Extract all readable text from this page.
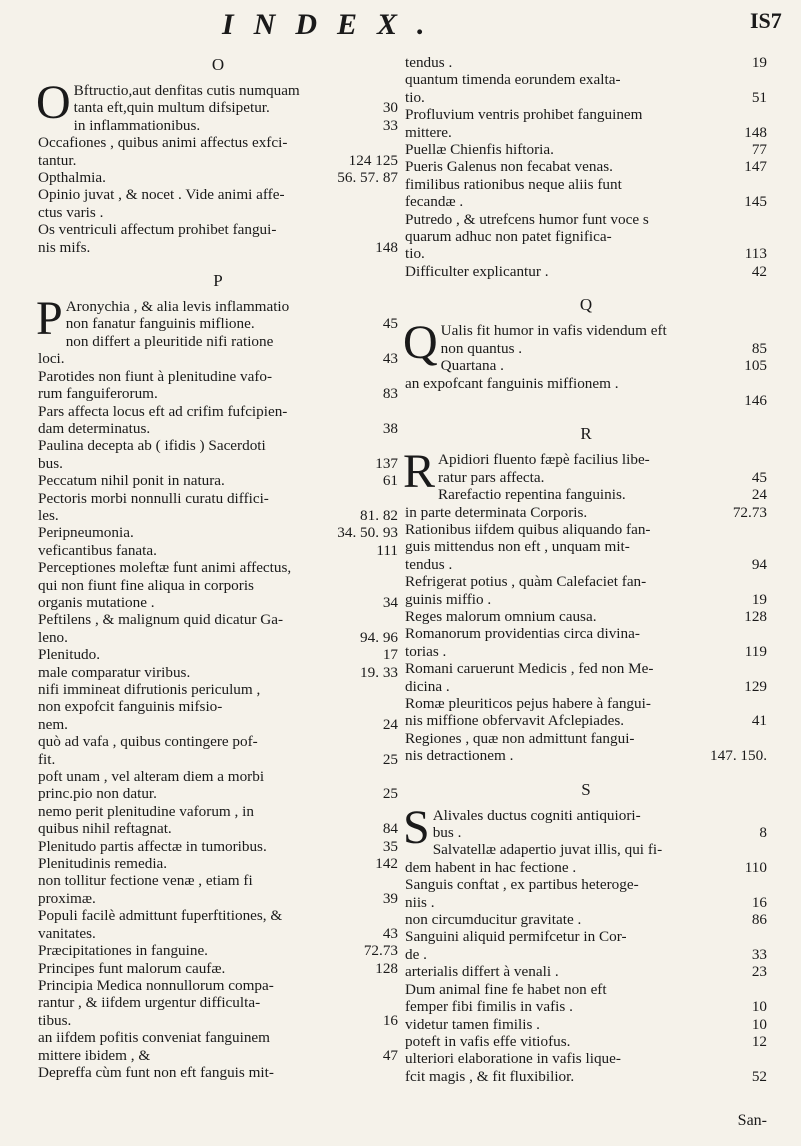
INDEX.	IS7
O
O Bftructio,aut denfitas cutis numquam
tanta eft,quin multum difsipetur.	30
in inflammationibus.	33
Occafiones , quibus animi affectus exfci-
tantur.	124 125
Opthalmia.	56. 57. 87
Opinio juvat , & nocet . Vide animi affe-
ctus varis .
Os ventriculi affectum prohibet fangui-
nis mifs.	148
P
P Aronychia , & alia levis inflammatio
non fanatur fanguinis miflione.	45
non differt a pleuritide nifi ratione
loci.	43
Parotides non fiunt à plenitudine vafo-
rum fanguiferorum.	83
Pars affecta locus eft ad crifim fufcipien-
dam determinatus.	38
Paulina decepta ab ( ifidis ) Sacerdoti
bus.	137
Peccatum nihil ponit in natura.	61
Pectoris morbi nonnulli curatu diffici-
les.	81. 82
Peripneumonia.	34. 50. 93
veficantibus fanata.	111
Perceptiones moleftæ funt animi affectus,
qui non fiunt fine aliqua in corporis
organis mutatione .	34
Peftilens , & malignum quid dicatur Ga-
leno.	94. 96
Plenitudo.	17
male comparatur viribus.	19. 33
nifi immineat difrutionis periculum ,
non expofcit fanguinis mifsio-
nem.	24
quò ad vafa , quibus contingere pof-
fit.	25
poft unam , vel alteram diem a morbi
princ.pio non datur.	25
nemo perit plenitudine vaforum , in
quibus nihil reftagnat.	84
Plenitudo partis affectæ in tumoribus.	35
Plenitudinis remedia.	142
non tollitur fectione venæ , etiam fi
proximæ.	39
Populi facilè admittunt fuperftitiones, &
vanitates.	43
Præcipitationes in fanguine.	72.73
Principes funt malorum caufæ.	128
Principia Medica nonnullorum compa-
rantur , & iifdem urgentur difficulta-
tibus.	16
an iifdem pofitis conveniat fanguinem
mittere ibidem , &	47
Depreffa cùm funt non eft fanguis mit-
tendus .	19
quantum timenda eorundem exalta-
tio.	51
Profluvium ventris prohibet fanguinem
mittere.	148
Puellæ Chienfis hiftoria.	77
Pueris Galenus non fecabat venas.	147
fimilibus rationibus neque aliis funt
fecandæ .	145
Putredo , & utrefcens humor funt voce s
quarum adhuc non patet fignifica-
tio.	113
Difficulter explicantur .	42
Q
Q Ualis fit humor in vafis videndum eft
non quantus .	85
Quartana .	105
an expofcant fanguinis miffionem .
146
R
R Apidiori fluento fæpè facilius libe-
ratur pars affecta.	45
Rarefactio repentina fanguinis.	24
in parte determinata Corporis.	72.73
Rationibus iifdem quibus aliquando fan-
guis mittendus non eft , unquam mit-
tendus .	94
Refrigerat potius , quàm Calefaciet fan-
guinis miffio .	19
Reges malorum omnium causa.	128
Romanorum providentias circa divina-
torias .	119
Romani caruerunt Medicis , fed non Me-
dicina .	129
Romæ pleuriticos pejus habere à fangui-
nis miffione obfervavit Afclepiades.	41
Regiones , quæ non admittunt fangui-
nis detractionem .	147. 150.
S
S Alivales ductus cogniti antiquiori-
bus .	8
Salvatellæ adapertio juvat illis, qui fi-
dem habent in hac fectione .	110
Sanguis conftat , ex partibus heteroge-
niis .	16
non circumducitur gravitate .	86
Sanguini aliquid permifcetur in Cor-
de .	33
arterialis differt à venali .	23
Dum animal fine fe habet non eft
femper fibi fimilis in vafis .	10
videtur tamen fimilis .	10
poteft in vafis effe vitiofus.	12
ulteriori elaboratione in vafis lique-
fcit magis , & fit fluxibilior.	52
San-
